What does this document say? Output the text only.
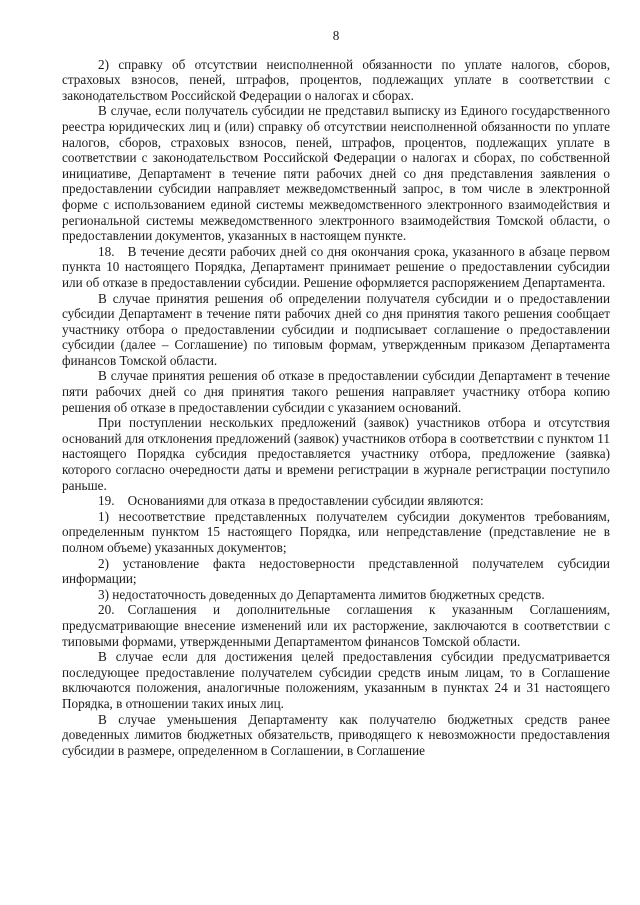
8

2) справку об отсутствии неисполненной обязанности по уплате налогов, сборов, страховых взносов, пеней, штрафов, процентов, подлежащих уплате в соответствии с законодательством Российской Федерации о налогах и сборах.

В случае, если получатель субсидии не представил выписку из Единого государственного реестра юридических лиц и (или) справку об отсутствии неисполненной обязанности по уплате налогов, сборов, страховых взносов, пеней, штрафов, процентов, подлежащих уплате в соответствии с законодательством Российской Федерации о налогах и сборах, по собственной инициативе, Департамент в течение пяти рабочих дней со дня представления заявления о предоставлении субсидии направляет межведомственный запрос, в том числе в электронной форме с использованием единой системы межведомственного электронного взаимодействия и региональной системы межведомственного электронного взаимодействия Томской области, о предоставлении документов, указанных в настоящем пункте.

18. В течение десяти рабочих дней со дня окончания срока, указанного в абзаце первом пункта 10 настоящего Порядка, Департамент принимает решение о предоставлении субсидии или об отказе в предоставлении субсидии. Решение оформляется распоряжением Департамента.

В случае принятия решения об определении получателя субсидии и о предоставлении субсидии Департамент в течение пяти рабочих дней со дня принятия такого решения сообщает участнику отбора о предоставлении субсидии и подписывает соглашение о предоставлении субсидии (далее – Соглашение) по типовым формам, утвержденным приказом Департамента финансов Томской области.

В случае принятия решения об отказе в предоставлении субсидии Департамент в течение пяти рабочих дней со дня принятия такого решения направляет участнику отбора копию решения об отказе в предоставлении субсидии с указанием оснований.

При поступлении нескольких предложений (заявок) участников отбора и отсутствия оснований для отклонения предложений (заявок) участников отбора в соответствии с пунктом 11 настоящего Порядка субсидия предоставляется участнику отбора, предложение (заявка) которого согласно очередности даты и времени регистрации в журнале регистрации поступило раньше.

19. Основаниями для отказа в предоставлении субсидии являются:

1) несоответствие представленных получателем субсидии документов требованиям, определенным пунктом 15 настоящего Порядка, или непредставление (представление не в полном объеме) указанных документов;

2) установление факта недостоверности представленной получателем субсидии информации;

3) недостаточность доведенных до Департамента лимитов бюджетных средств.

20. Соглашения и дополнительные соглашения к указанным Соглашениям, предусматривающие внесение изменений или их расторжение, заключаются в соответствии с типовыми формами, утвержденными Департаментом финансов Томской области.

В случае если для достижения целей предоставления субсидии предусматривается последующее предоставление получателем субсидии средств иным лицам, то в Соглашение включаются положения, аналогичные положениям, указанным в пунктах 24 и 31 настоящего Порядка, в отношении таких иных лиц.

В случае уменьшения Департаменту как получателю бюджетных средств ранее доведенных лимитов бюджетных обязательств, приводящего к невозможности предоставления субсидии в размере, определенном в Соглашении, в Соглашение
